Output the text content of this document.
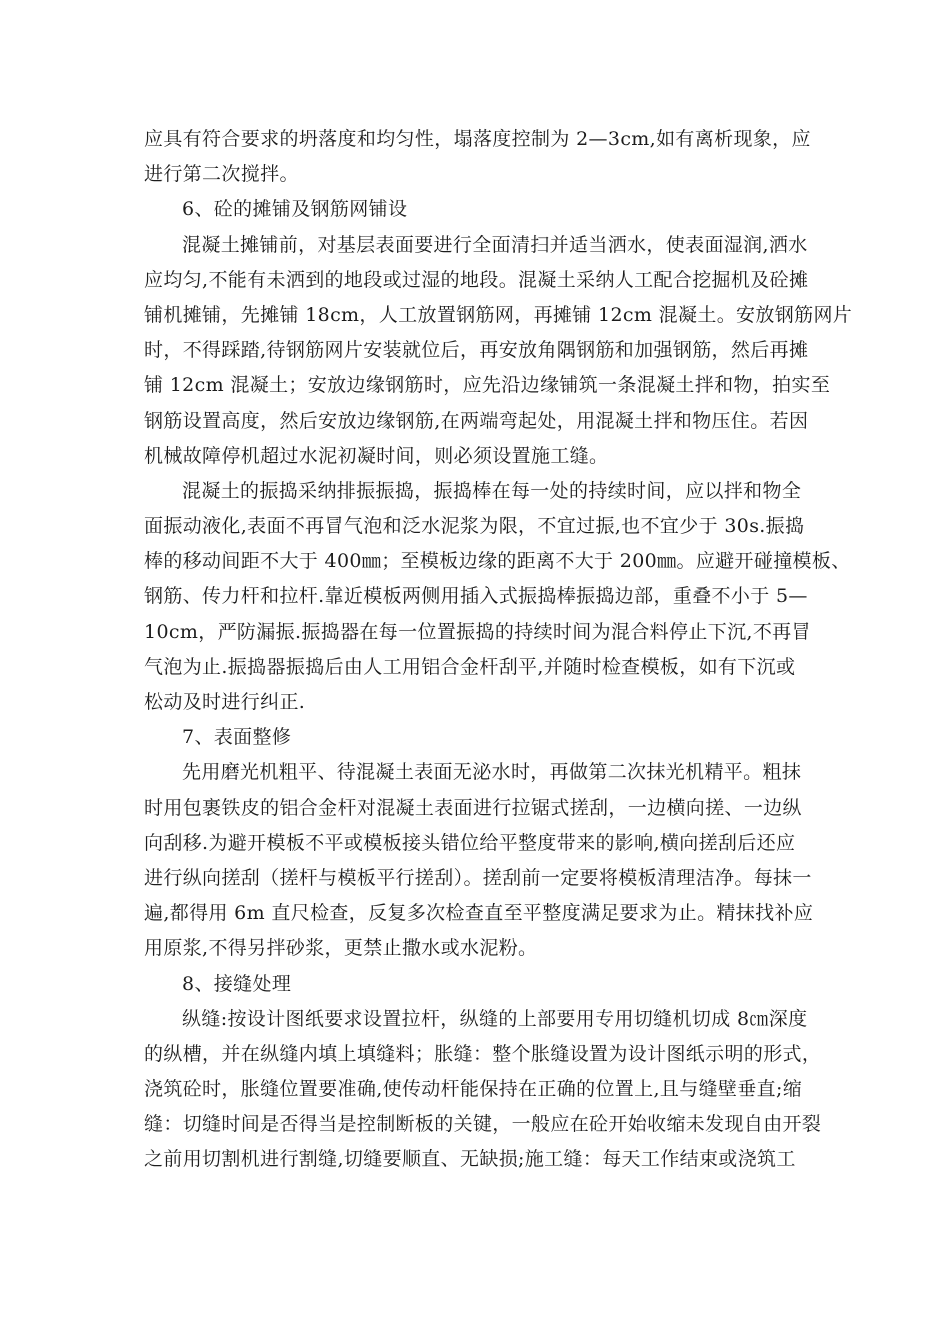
应具有符合要求的坍落度和均匀性，塌落度控制为 2—3cm,如有离析现象，应
进行第二次搅拌。
6、砼的摊铺及钢筋网铺设
混凝土摊铺前，对基层表面要进行全面清扫并适当洒水，使表面湿润,洒水
应均匀,不能有未洒到的地段或过湿的地段。混凝土采纳人工配合挖掘机及砼摊
铺机摊铺，先摊铺 18cm，人工放置钢筋网，再摊铺 12cm 混凝土。安放钢筋网片
时，不得踩踏,待钢筋网片安装就位后，再安放角隅钢筋和加强钢筋，然后再摊
铺 12cm 混凝土；安放边缘钢筋时，应先沿边缘铺筑一条混凝土拌和物，拍实至
钢筋设置高度，然后安放边缘钢筋,在两端弯起处，用混凝土拌和物压住。若因
机械故障停机超过水泥初凝时间，则必须设置施工缝。
混凝土的振捣采纳排振振捣，振捣棒在每一处的持续时间，应以拌和物全
面振动液化,表面不再冒气泡和泛水泥浆为限，不宜过振,也不宜少于 30s.振捣
棒的移动间距不大于 400㎜；至模板边缘的距离不大于 200㎜。应避开碰撞模板、
钢筋、传力杆和拉杆.靠近模板两侧用插入式振捣棒振捣边部，重叠不小于 5—
10cm，严防漏振.振捣器在每一位置振捣的持续时间为混合料停止下沉,不再冒
气泡为止.振捣器振捣后由人工用铝合金杆刮平,并随时检查模板，如有下沉或
松动及时进行纠正.
7、表面整修
先用磨光机粗平、待混凝土表面无泌水时，再做第二次抹光机精平。粗抹
时用包裹铁皮的铝合金杆对混凝土表面进行拉锯式搓刮，一边横向搓、一边纵
向刮移.为避开模板不平或模板接头错位给平整度带来的影响,横向搓刮后还应
进行纵向搓刮（搓杆与模板平行搓刮）。搓刮前一定要将模板清理洁净。每抹一
遍,都得用 6m 直尺检查，反复多次检查直至平整度满足要求为止。精抹找补应
用原浆,不得另拌砂浆，更禁止撒水或水泥粉。
8、接缝处理
纵缝:按设计图纸要求设置拉杆，纵缝的上部要用专用切缝机切成 8㎝深度
的纵槽，并在纵缝内填上填缝料；胀缝：整个胀缝设置为设计图纸示明的形式，
浇筑砼时，胀缝位置要准确,使传动杆能保持在正确的位置上,且与缝壁垂直;缩
缝：切缝时间是否得当是控制断板的关键，一般应在砼开始收缩未发现自由开裂
之前用切割机进行割缝,切缝要顺直、无缺损;施工缝：每天工作结束或浇筑工
